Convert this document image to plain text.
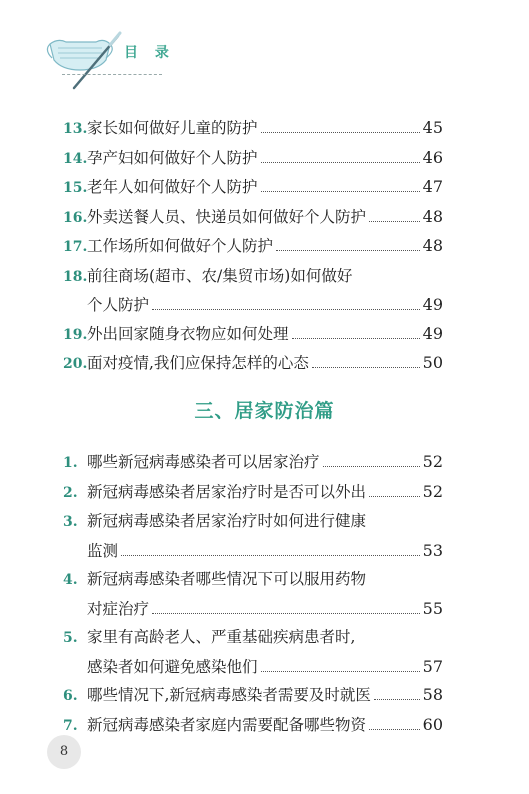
目 录
13. 家长如何做好儿童的防护	45
14. 孕产妇如何做好个人防护	46
15. 老年人如何做好个人防护	47
16. 外卖送餐人员、快递员如何做好个人防护	48
17. 工作场所如何做好个人防护	48
18. 前往商场(超市、农/集贸市场)如何做好
个人防护	49
19. 外出回家随身衣物应如何处理	49
20. 面对疫情,我们应保持怎样的心态	50
三、居家防治篇
1. 哪些新冠病毒感染者可以居家治疗	52
2. 新冠病毒感染者居家治疗时是否可以外出	52
3. 新冠病毒感染者居家治疗时如何进行健康
监测	53
4. 新冠病毒感染者哪些情况下可以服用药物
对症治疗	55
5. 家里有高龄老人、严重基础疾病患者时,
感染者如何避免感染他们	57
6. 哪些情况下,新冠病毒感染者需要及时就医	58
7. 新冠病毒感染者家庭内需要配备哪些物资	60
8
